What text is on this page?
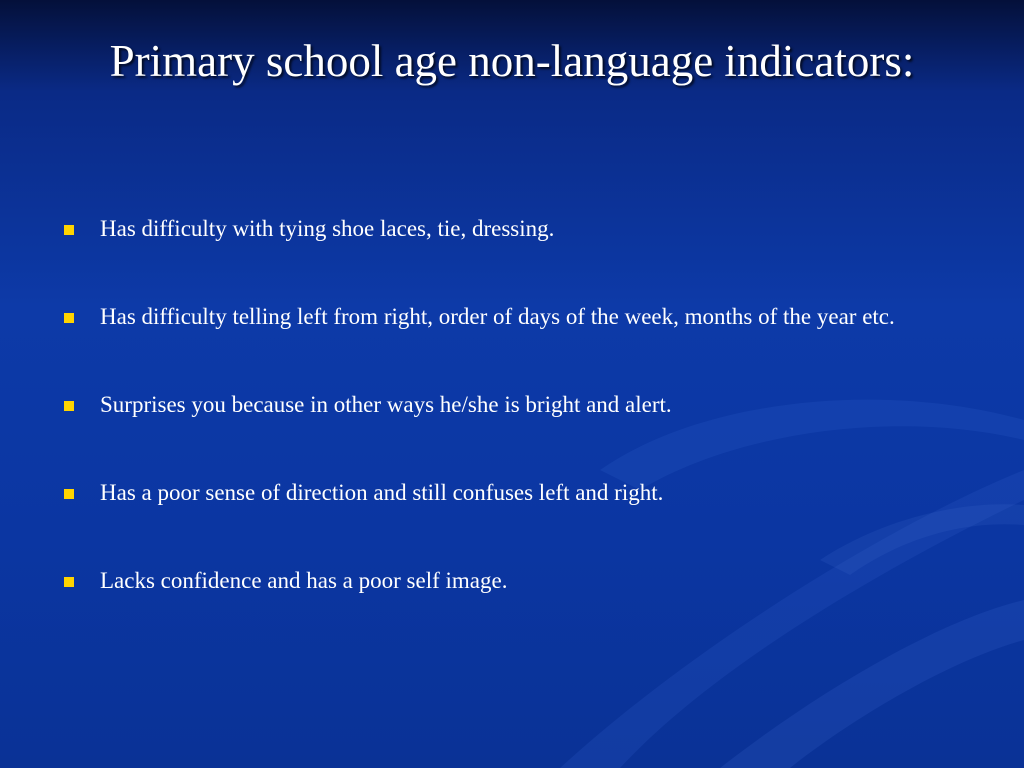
Primary school age non-language indicators:
Has difficulty with tying shoe laces, tie, dressing.
Has difficulty telling left from right, order of days of the week, months of the year etc.
Surprises you because in other ways he/she is bright and alert.
Has a poor sense of direction and still confuses left and right.
Lacks confidence and has a poor self image.
